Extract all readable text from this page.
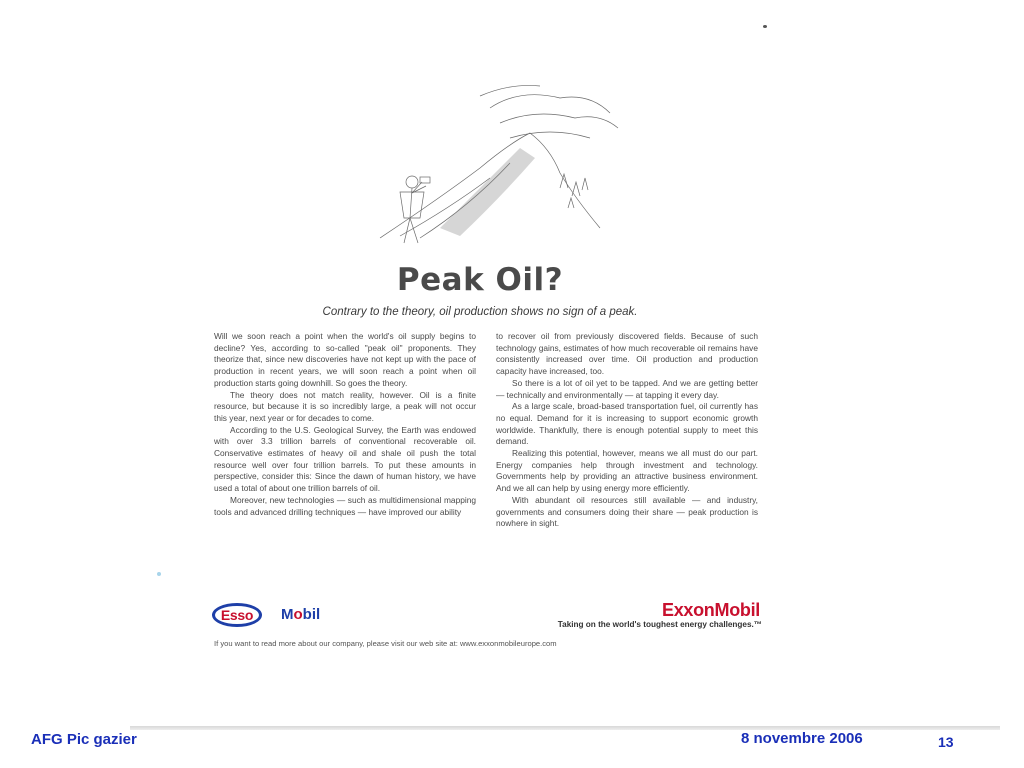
Peak Oil?
Contrary to the theory, oil production shows no sign of a peak.

Will we soon reach a point when the world's oil supply begins to decline? Yes, according to so-called "peak oil" proponents. They theorize that, since new discoveries have not kept up with the pace of production in recent years, we will soon reach a point when oil production starts going downhill. So goes the theory.

The theory does not match reality, however. Oil is a finite resource, but because it is so incredibly large, a peak will not occur this year, next year or for decades to come.

According to the U.S. Geological Survey, the Earth was endowed with over 3.3 trillion barrels of conventional recoverable oil. Conservative estimates of heavy oil and shale oil push the total resource well over four trillion barrels. To put these amounts in perspective, consider this: Since the dawn of human history, we have used a total of about one trillion barrels of oil.

Moreover, new technologies — such as multidimensional mapping tools and advanced drilling techniques — have improved our ability

to recover oil from previously discovered fields. Because of such technology gains, estimates of how much recoverable oil remains have consistently increased over time. Oil production and production capacity have increased, too.

So there is a lot of oil yet to be tapped. And we are getting better — technically and environmentally — at tapping it every day.

As a large scale, broad-based transportation fuel, oil currently has no equal. Demand for it is increasing to support economic growth worldwide. Thankfully, there is enough potential supply to meet this demand.

Realizing this potential, however, means we all must do our part. Energy companies help through investment and technology. Governments help by providing an attractive business environment. And we all can help by using energy more efficiently.

With abundant oil resources still available — and industry, governments and consumers doing their share — peak production is nowhere in sight.

Esso Mobil	ExxonMobil
Taking on the world's toughest energy challenges.™
If you want to read more about our company, please visit our web site at: www.exxonmobileurope.com
AFG Pic gazier	8 novembre 2006	13
